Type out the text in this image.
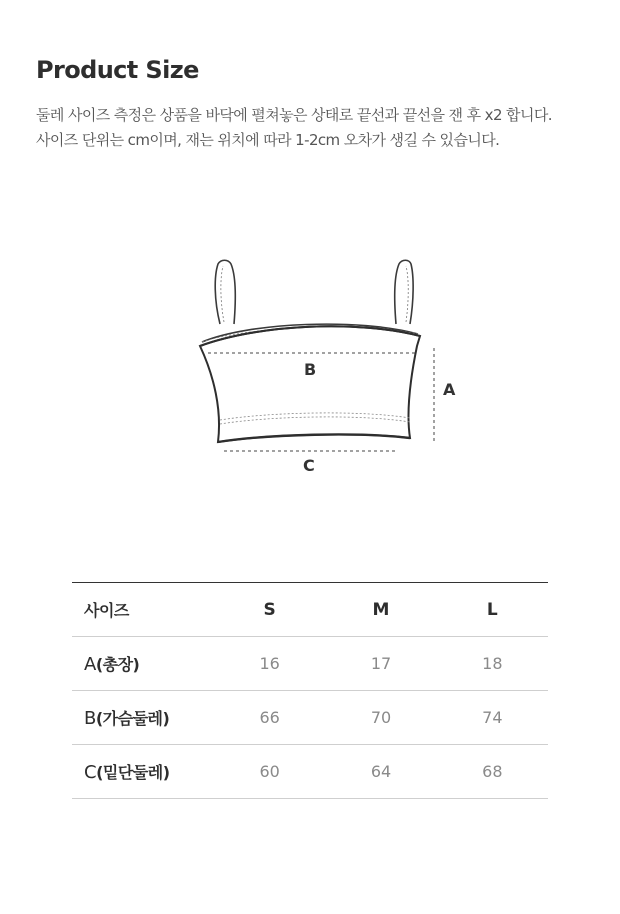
Product Size

둘레 사이즈 측정은 상품을 바닥에 펼쳐놓은 상태로 끝선과 끝선을 잰 후 x2 합니다.

사이즈 단위는 cm이며, 재는 위치에 따라 1-2cm 오차가 생길 수 있습니다.

B
A
C
사이즈	S	M	L
A(총장)	16	17	18
B(가슴둘레)	66	70	74
C(밑단둘레)	60	64	68
